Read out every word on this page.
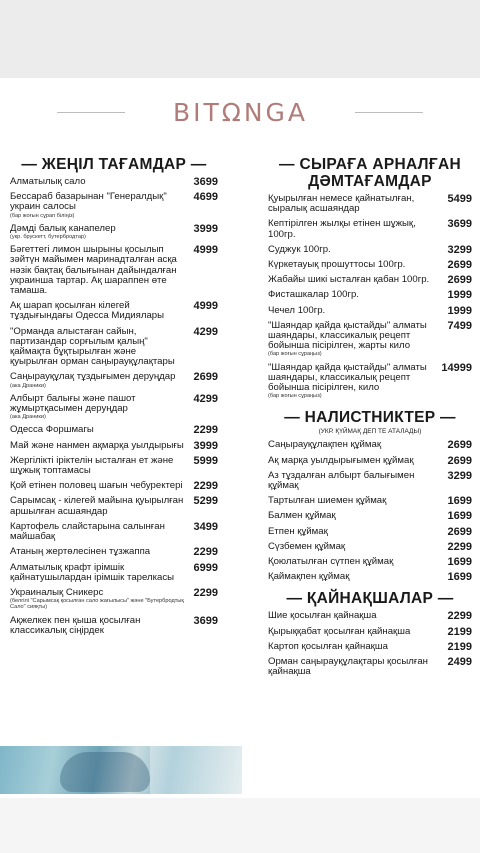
BITΩNGA
— ЖЕҢІЛ ТАҒАМДАР —
Алматылық сало	3699
Бессараб базарынан "Генералдық" украин салосы
(бар жоғын сұрап біліңіз)
4699
Дәмді балық канапелер
(укр. брускетт, бутербродтар)
3999
Бәгеттегі лимон шырыны қосылып зәйтүн майымен маринадталған асқа нәзік бақтақ балығынан дайындалған украинша тартар. Ақ шараппен өте тамаша.
4999
Ақ шарап қосылған кілегей тұздығындағы Одесса Мидиялары
4999
"Орманда алыстаған сайын, партизандар сорғылым қалың" қаймақта бұқтырылған және қуырылған орман саңырауқұлақтары
4299
Саңырауқұлақ тұздығымен деруңдар
(ака Драники)
2699
Албырт балығы және пашот жұмыртқасымен деруңдар
(ака Драники)
4299
Одесса Форшмагы	2299
Май және нанмен ақмарқа уылдырығы 3999
Жергілікті іріктелін ысталған ет және шұжық топтамасы
5999
Қой етінен половец шағын чебуректері 2299
Сарымсақ - кілегей майына қуырылған аршылған асшаяндар
5299
Картофель слайстарына салынған майшабақ
3499
Атаның жертөлесінен тұзжаппа	2299
Алматылық крафт ірімшік қайнатушылардан ірімшік тарелкасы
6999
Украиналық Сникерс
(белгілі "Сарымсақ қосылған сало жағылысы" және "Бутербродтық Сало" сияқты)
2299
Ақжелкек пен қыша қосылған классикалық сіңірдек
3699
— СЫРАҒА АРНАЛҒАН ДӘМТАҒАМДАР
Қуырылған немесе қайнатылған, сыралық асшаяндар
5499
Кептірілген жылқы етінен шұжық, 100гр.
3699
Суджук 100гр.	3299
Күркетауық прошуттосы 100гр.	2699
Жабайы шикі ысталған қабан 100гр.	2699
Фисташкалар 100гр.	1999
Чечел 100гр.	1999
"Шаяндар қайда қыстайды" алматы шаяндары, классикалық рецепт бойынша пісірілген, жарты кило
(бар жоғын сұраңыз)
7499
"Шаяндар қайда қыстайды" алматы шаяндары, классикалық рецепт бойынша пісірілген, кило
(бар жоғын сұраңыз)
14999
— НАЛИСТНИКТЕР —
(УКР. ҚҮЙМАҚ ДЕП ТЕ АТАЛАДЫ)
Саңырауқұлақпен құймақ	2699
Ақ марқа уылдырығымен құймақ	2699
Аз тұздалған албырт балығымен құймақ
3299
Тартылған шиемен құймақ	1699
Балмен құймақ	1699
Етпен құймақ	2699
Сүзбемен құймақ	2299
Қоюлатылған сүтпен құймақ	1699
Қаймақпен құймақ	1699
— ҚАЙНАҚШАЛАР —
Шие қосылған қайнақша	2299
Қырыққабат қосылған қайнақша	2199
Картоп қосылған қайнақша	2199
Орман саңырауқұлақтары қосылған қайнақша
2499
